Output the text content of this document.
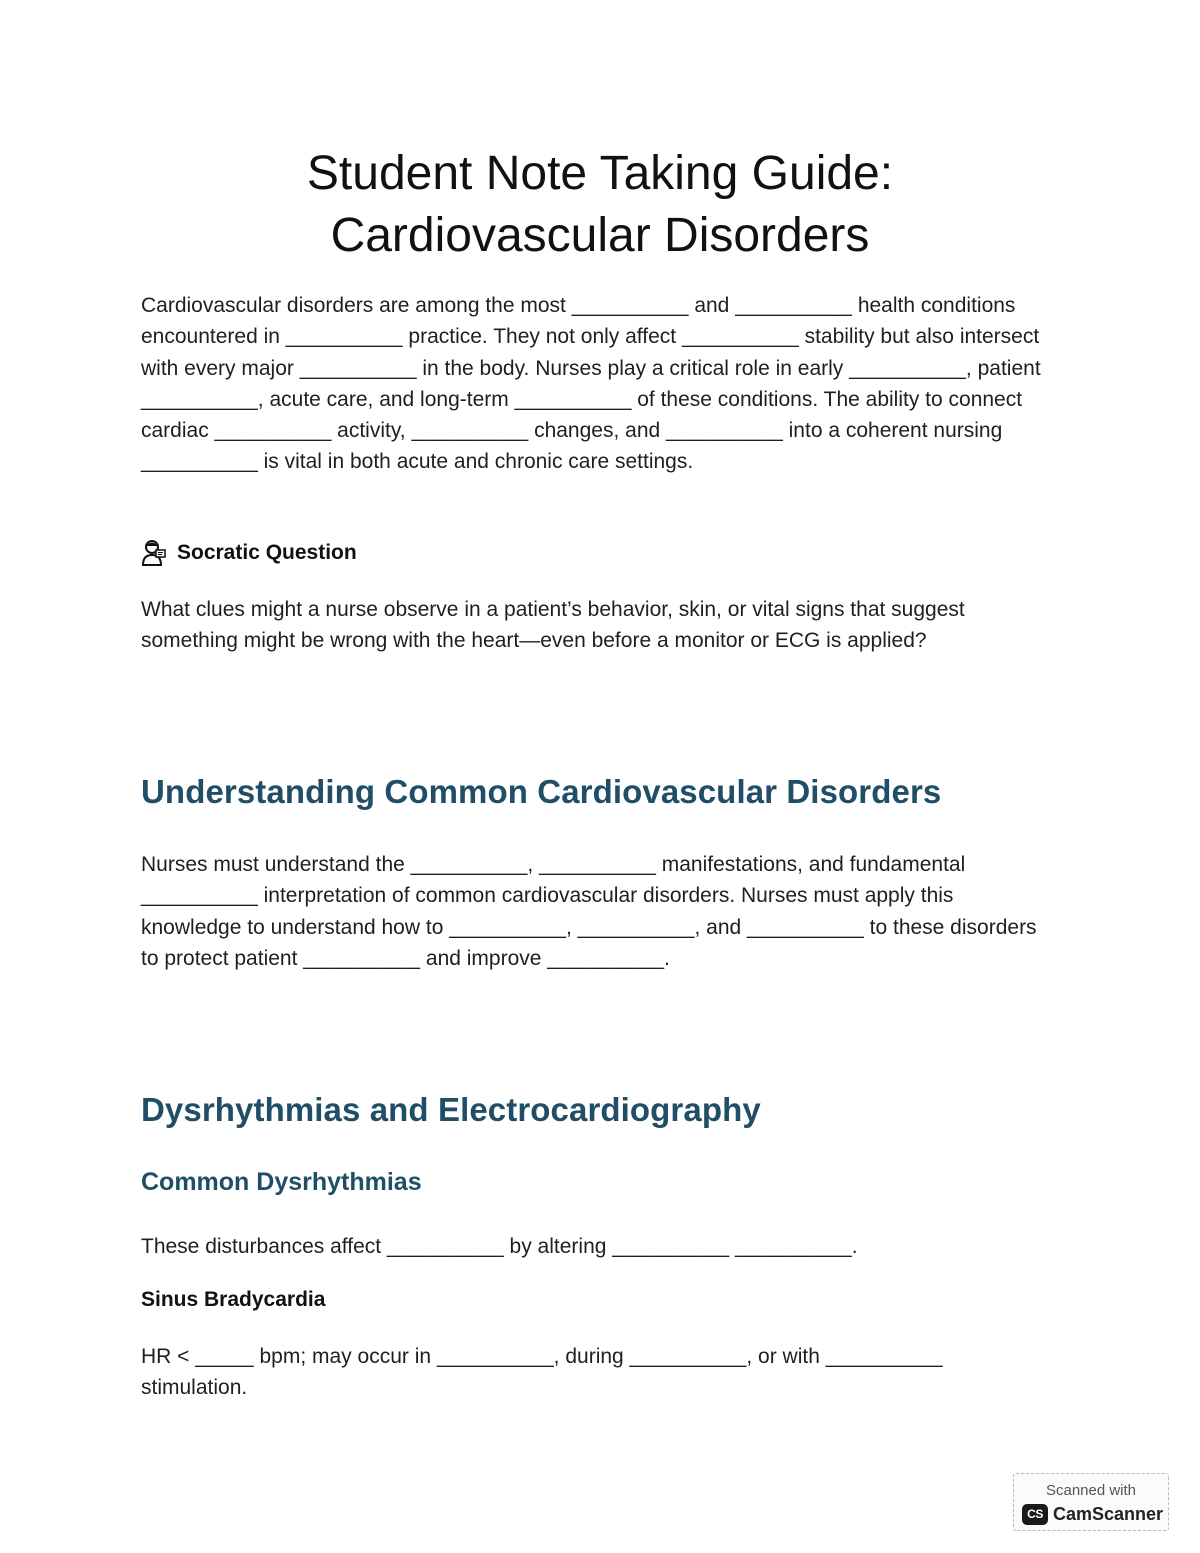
Student Note Taking Guide:
Cardiovascular Disorders

Cardiovascular disorders are among the most __________ and __________ health conditions encountered in __________ practice. They not only affect __________ stability but also intersect with every major __________ in the body. Nurses play a critical role in early __________, patient __________, acute care, and long-term __________ of these conditions. The ability to connect cardiac __________ activity, __________ changes, and __________ into a coherent nursing __________ is vital in both acute and chronic care settings.

Socratic Question

What clues might a nurse observe in a patient’s behavior, skin, or vital signs that suggest something might be wrong with the heart—even before a monitor or ECG is applied?

Understanding Common Cardiovascular Disorders

Nurses must understand the __________, __________ manifestations, and fundamental __________ interpretation of common cardiovascular disorders. Nurses must apply this knowledge to understand how to __________, __________, and __________ to these disorders to protect patient __________ and improve __________.

Dysrhythmias and Electrocardiography
Common Dysrhythmias

These disturbances affect __________ by altering __________ __________.

Sinus Bradycardia

HR < _____ bpm; may occur in __________, during __________, or with __________ stimulation.

Scanned with
CS CamScanner
